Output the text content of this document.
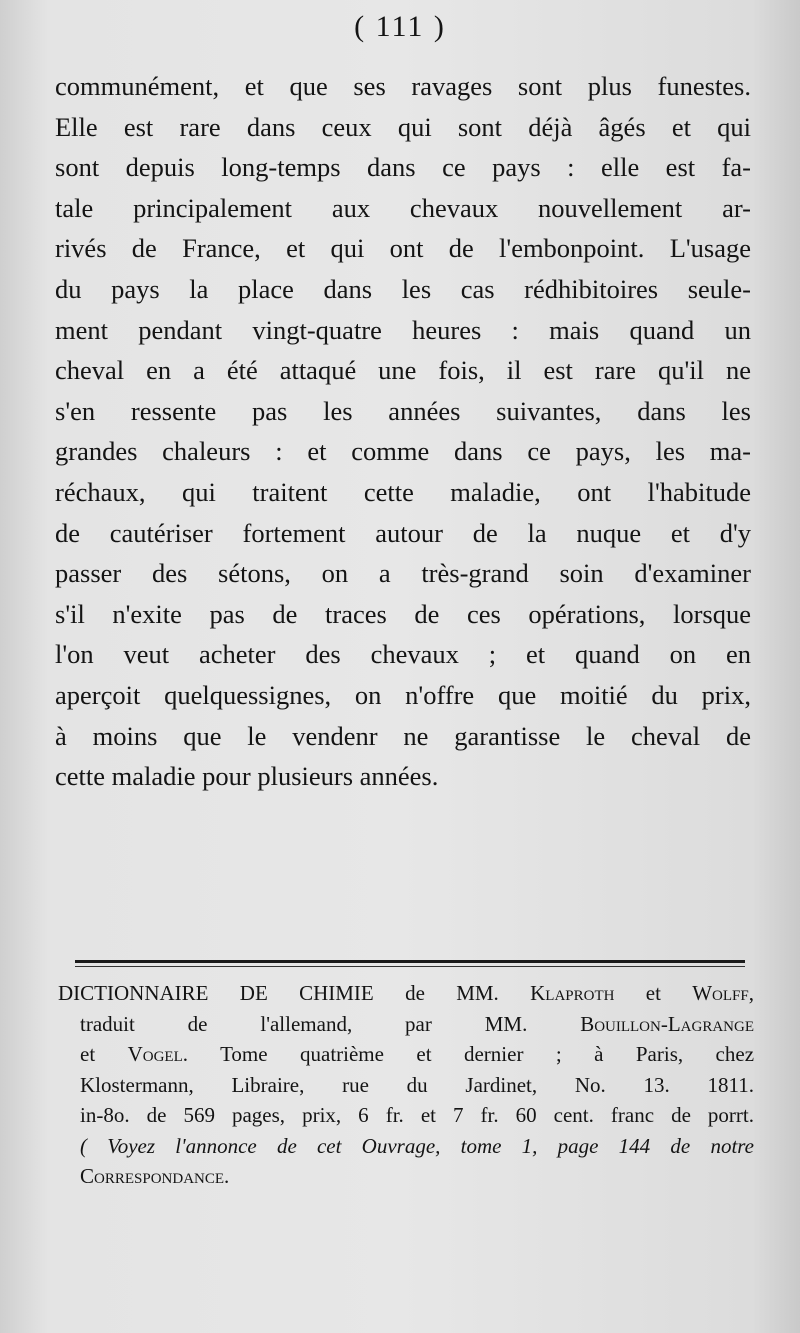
( 111 )
communément, et que ses ravages sont plus funestes.
Elle est rare dans ceux qui sont déjà âgés et qui
sont depuis long-temps dans ce pays : elle est fa-
tale principalement aux chevaux nouvellement ar-
rivés de France, et qui ont de l'embonpoint. L'usage
du pays la place dans les cas rédhibitoires seule-
ment pendant vingt-quatre heures : mais quand un
cheval en a été attaqué une fois, il est rare qu'il ne
s'en ressente pas les années suivantes, dans les
grandes chaleurs : et comme dans ce pays, les ma-
réchaux, qui traitent cette maladie, ont l'habitude
de cautériser fortement autour de la nuque et d'y
passer des sétons, on a très-grand soin d'examiner
s'il n'exite pas de traces de ces opérations, lorsque
l'on veut acheter des chevaux ; et quand on en
aperçoit quelquessignes, on n'offre que moitié du prix,
à moins que le vendenr ne garantisse le cheval de
cette maladie pour plusieurs années.
DICTIONNAIRE DE CHIMIE de MM. Klaproth et Wolff,
traduit de l'allemand, par MM.	Bouillon-Lagrange
et Vogel. Tome quatrième et dernier ; à Paris, chez
Klostermann, Libraire, rue du Jardinet, No. 13. 1811.
in-8o. de 569 pages, prix, 6 fr. et 7 fr. 60 cent. franc de porrt.
( Voyez l'annonce de cet Ouvrage, tome 1, page 144 de notre
Correspondance.
